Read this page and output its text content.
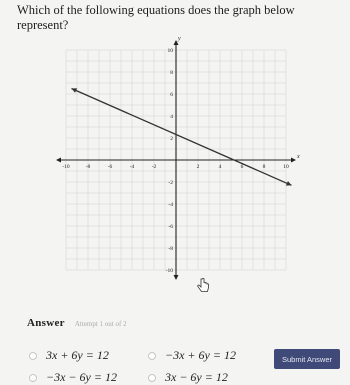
Which of the following equations does the graph below represent?
x
y
-10	-8	-6	-4	-2	2	4	6	8	10
-10
-8
-6
-4
-2
2
4
6
8
10
Answer Attempt 1 out of 2
3x + 6y = 12	−3x + 6y = 12
−3x − 6y = 12	3x − 6y = 12
Submit Answer
